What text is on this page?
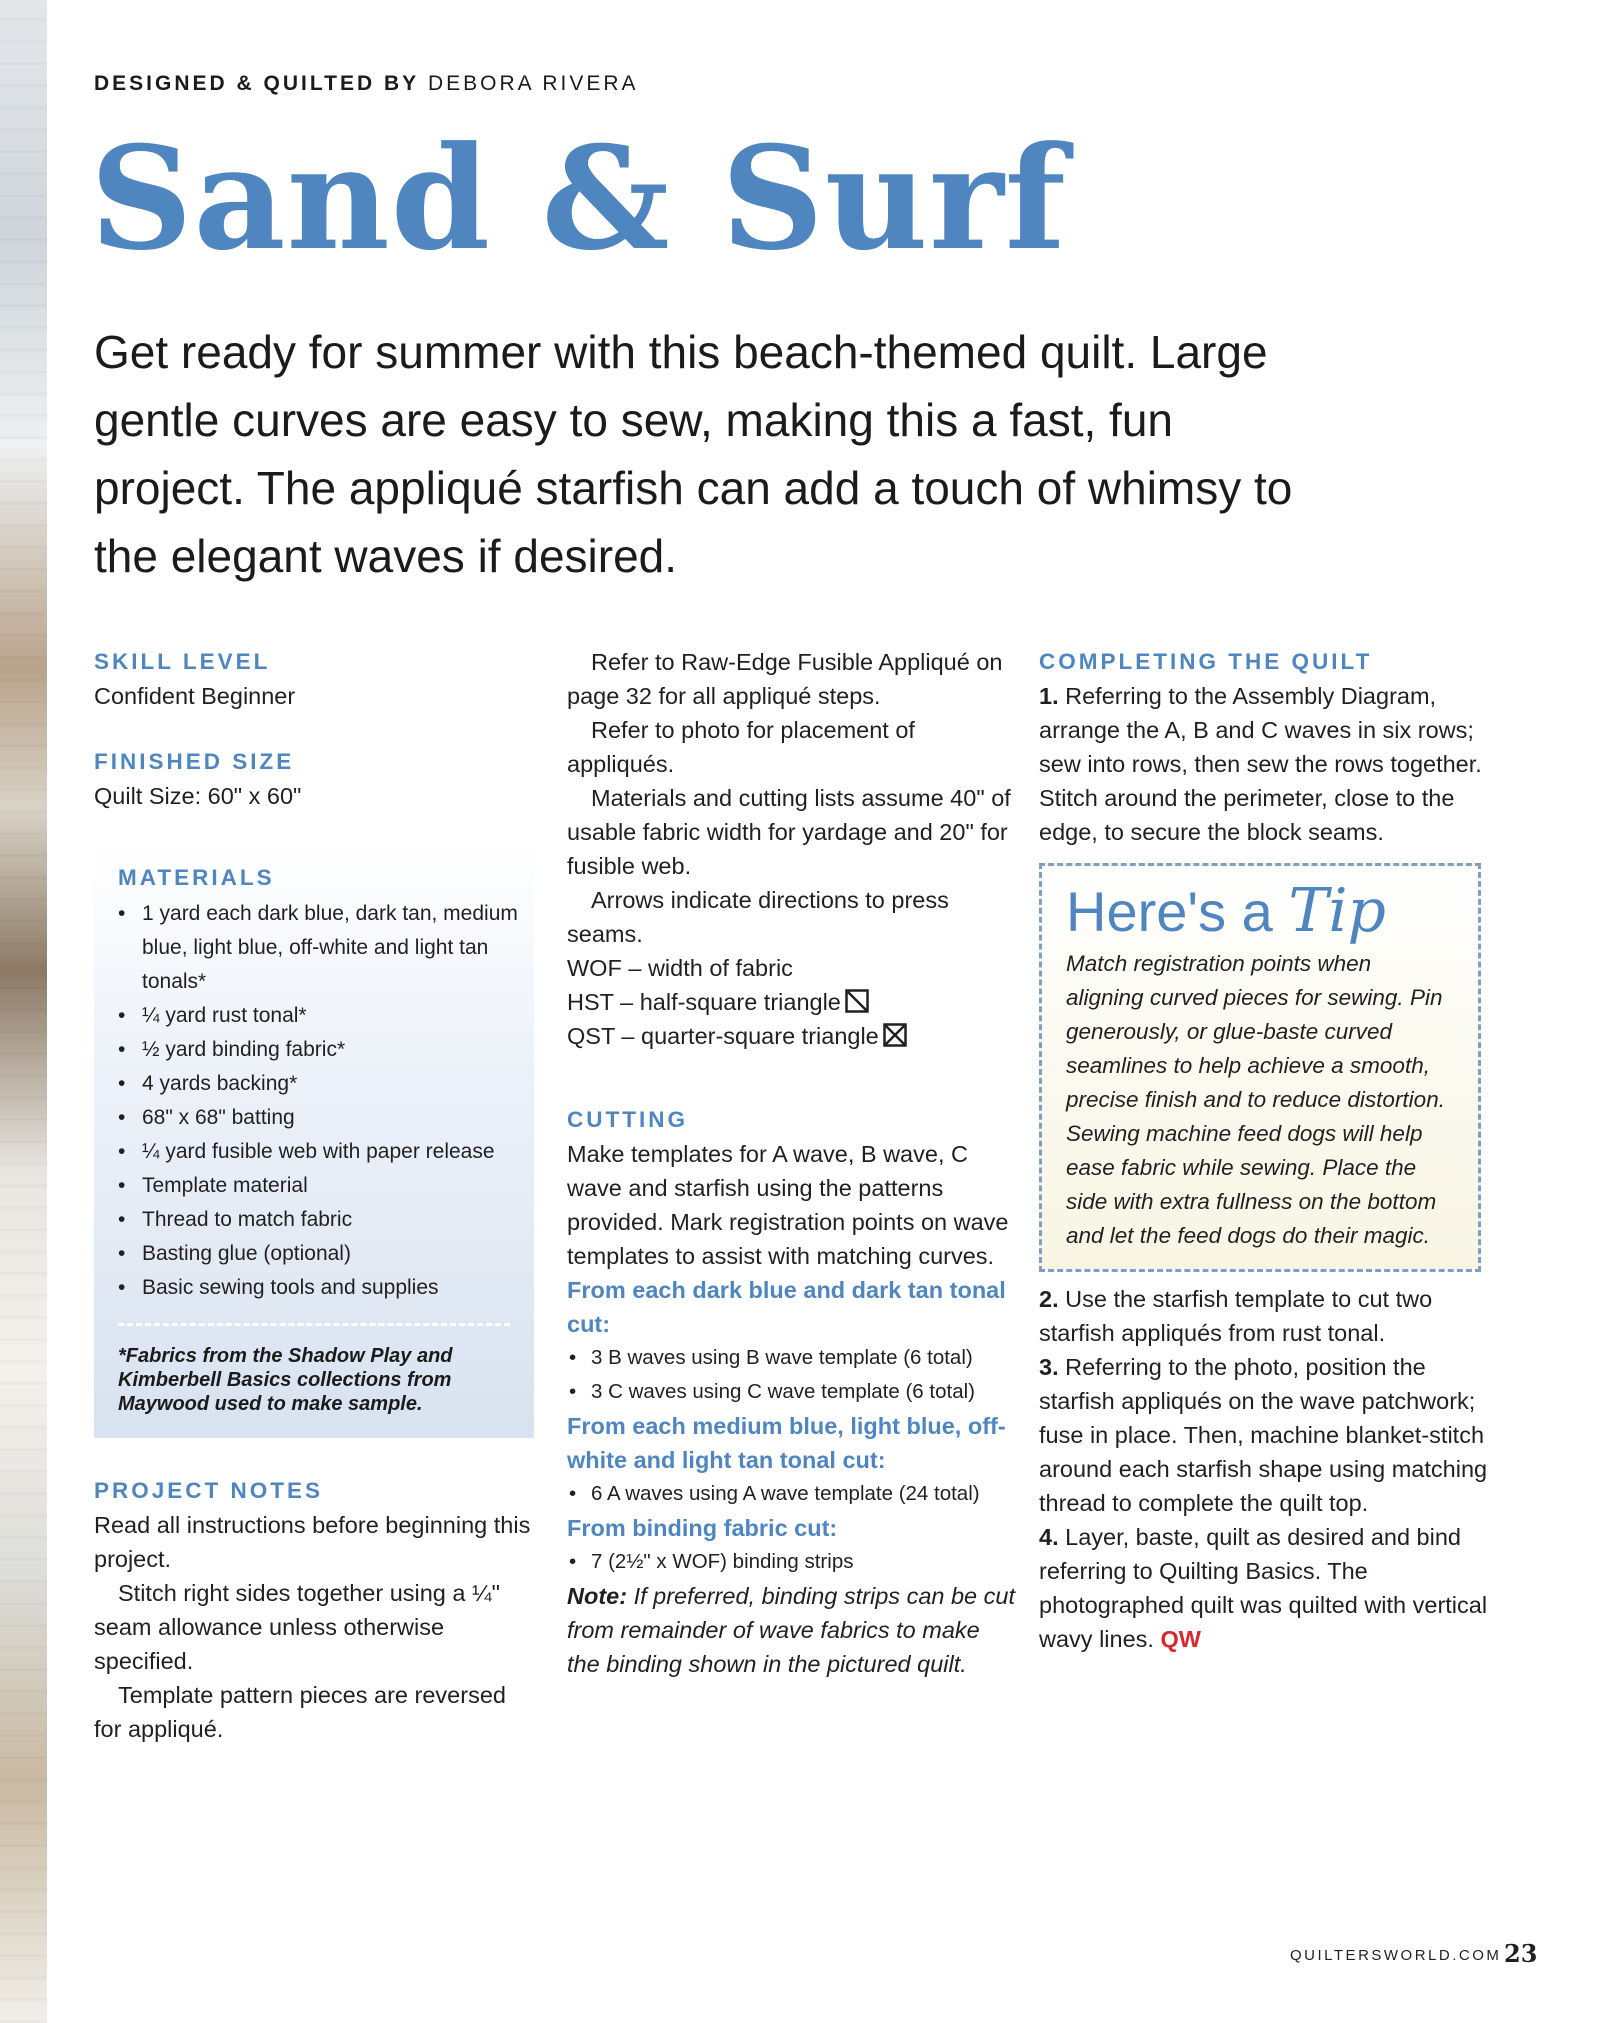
DESIGNED & QUILTED BY DEBORA RIVERA
Sand & Surf
Get ready for summer with this beach-themed quilt. Large gentle curves are easy to sew, making this a fast, fun project. The appliqué starfish can add a touch of whimsy to the elegant waves if desired.
SKILL LEVEL

Confident Beginner

FINISHED SIZE

Quilt Size: 60" x 60"

MATERIALS
• 1 yard each dark blue, dark tan, medium blue, light blue, off-white and light tan tonals*
• ¼ yard rust tonal*
• ½ yard binding fabric*
• 4 yards backing*
• 68" x 68" batting
• ¼ yard fusible web with paper release
• Template material
• Thread to match fabric
• Basting glue (optional)
• Basic sewing tools and supplies
*Fabrics from the Shadow Play and Kimberbell Basics collections from Maywood used to make sample.
PROJECT NOTES

Read all instructions before beginning this project.

Stitch right sides together using a ¼" seam allowance unless otherwise specified.

Template pattern pieces are reversed for appliqué.

Refer to Raw-Edge Fusible Appliqué on page 32 for all appliqué steps.

Refer to photo for placement of appliqués.

Materials and cutting lists assume 40" of usable fabric width for yardage and 20" for fusible web.

Arrows indicate directions to press seams.

WOF – width of fabric

HST – half-square triangle

QST – quarter-square triangle

CUTTING

Make templates for A wave, B wave, C wave and starfish using the patterns provided. Mark registration points on wave templates to assist with matching curves.

From each dark blue and dark tan tonal cut:
• 3 B waves using B wave template (6 total)
• 3 C waves using C wave template (6 total)
From each medium blue, light blue, off-white and light tan tonal cut:
• 6 A waves using A wave template (24 total)
From binding fabric cut:
• 7 (2½" x WOF) binding strips

Note: If preferred, binding strips can be cut from remainder of wave fabrics to make the binding shown in the pictured quilt.

COMPLETING THE QUILT

1. Referring to the Assembly Diagram, arrange the A, B and C waves in six rows; sew into rows, then sew the rows together. Stitch around the perimeter, close to the edge, to secure the block seams.

Here's a Tip
Match registration points when aligning curved pieces for sewing. Pin generously, or glue-baste curved seamlines to help achieve a smooth, precise finish and to reduce distortion. Sewing machine feed dogs will help ease fabric while sewing. Place the side with extra fullness on the bottom and let the feed dogs do their magic.

2. Use the starfish template to cut two starfish appliqués from rust tonal.

3. Referring to the photo, position the starfish appliqués on the wave patchwork; fuse in place. Then, machine blanket-stitch around each starfish shape using matching thread to complete the quilt top.

4. Layer, baste, quilt as desired and bind referring to Quilting Basics. The photographed quilt was quilted with vertical wavy lines. QW

QUILTERSWORLD.COM 23
